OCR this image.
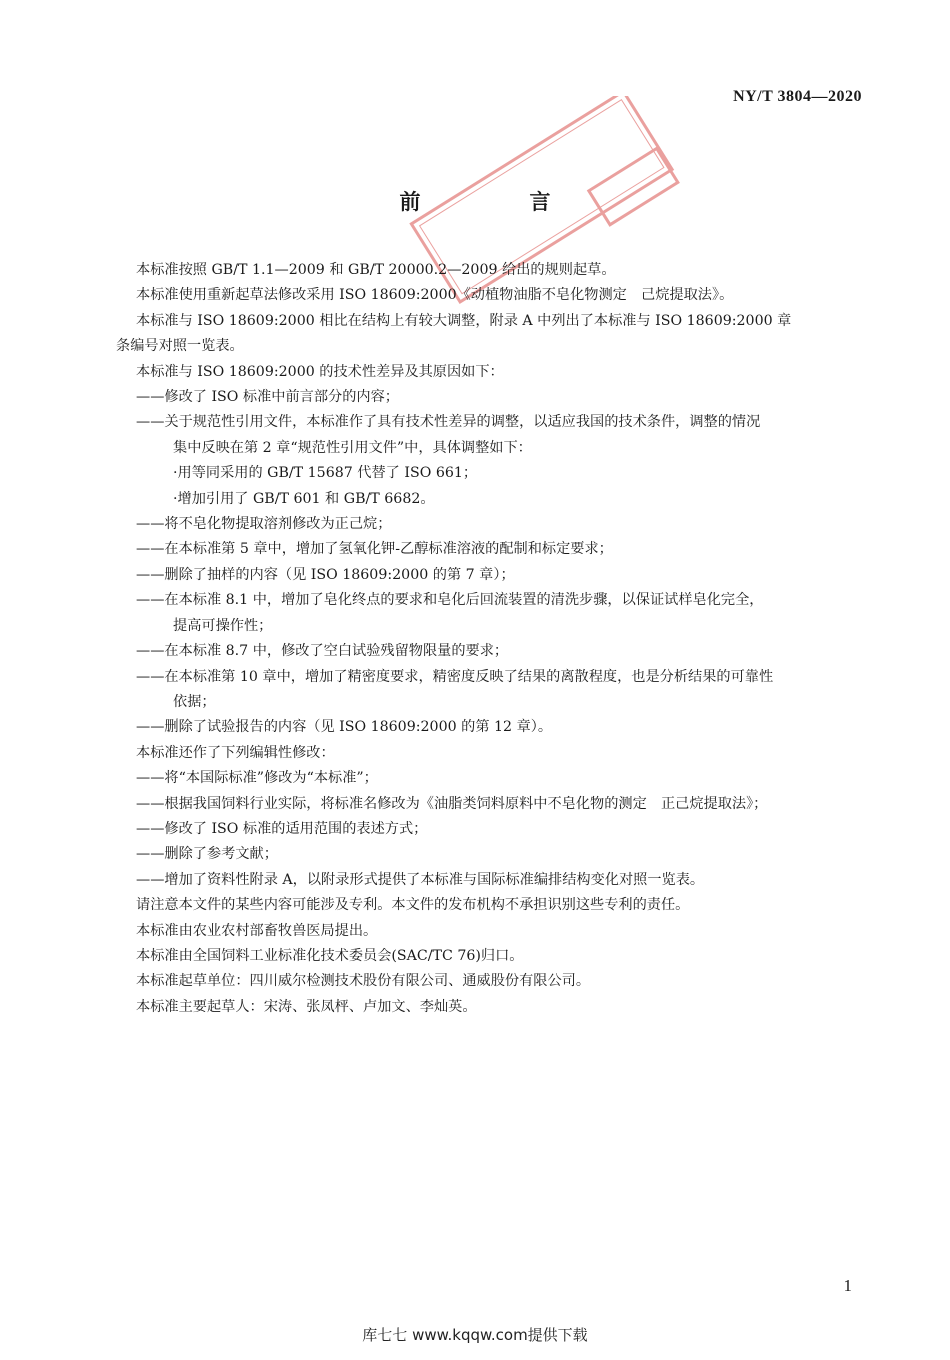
NY/T 3804—2020
前　言

本标准按照 GB/T 1.1—2009 和 GB/T 20000.2—2009 给出的规则起草。

本标准使用重新起草法修改采用 ISO 18609:2000《动植物油脂不皂化物测定　己烷提取法》。

本标准与 ISO 18609:2000 相比在结构上有较大调整，附录 A 中列出了本标准与 ISO 18609:2000 章

条编号对照一览表。

本标准与 ISO 18609:2000 的技术性差异及其原因如下：

——修改了 ISO 标准中前言部分的内容；

——关于规范性引用文件，本标准作了具有技术性差异的调整，以适应我国的技术条件，调整的情况

集中反映在第 2 章“规范性引用文件”中，具体调整如下：

·用等同采用的 GB/T 15687 代替了 ISO 661；

·增加引用了 GB/T 601 和 GB/T 6682。

——将不皂化物提取溶剂修改为正己烷；

——在本标准第 5 章中，增加了氢氧化钾-乙醇标准溶液的配制和标定要求；

——删除了抽样的内容（见 ISO 18609:2000 的第 7 章）；

——在本标准 8.1 中，增加了皂化终点的要求和皂化后回流装置的清洗步骤，以保证试样皂化完全，

提高可操作性；

——在本标准 8.7 中，修改了空白试验残留物限量的要求；

——在本标准第 10 章中，增加了精密度要求，精密度反映了结果的离散程度，也是分析结果的可靠性

依据；

——删除了试验报告的内容（见 ISO 18609:2000 的第 12 章）。

本标准还作了下列编辑性修改：

——将“本国际标准”修改为“本标准”；

——根据我国饲料行业实际，将标准名修改为《油脂类饲料原料中不皂化物的测定　正己烷提取法》；

——修改了 ISO 标准的适用范围的表述方式；

——删除了参考文献；

——增加了资料性附录 A，以附录形式提供了本标准与国际标准编排结构变化对照一览表。

请注意本文件的某些内容可能涉及专利。本文件的发布机构不承担识别这些专利的责任。

本标准由农业农村部畜牧兽医局提出。

本标准由全国饲料工业标准化技术委员会(SAC/TC 76)归口。

本标准起草单位：四川威尔检测技术股份有限公司、通威股份有限公司。

本标准主要起草人：宋涛、张凤枰、卢加文、李灿英。

1
库七七 www.kqqw.com提供下载
